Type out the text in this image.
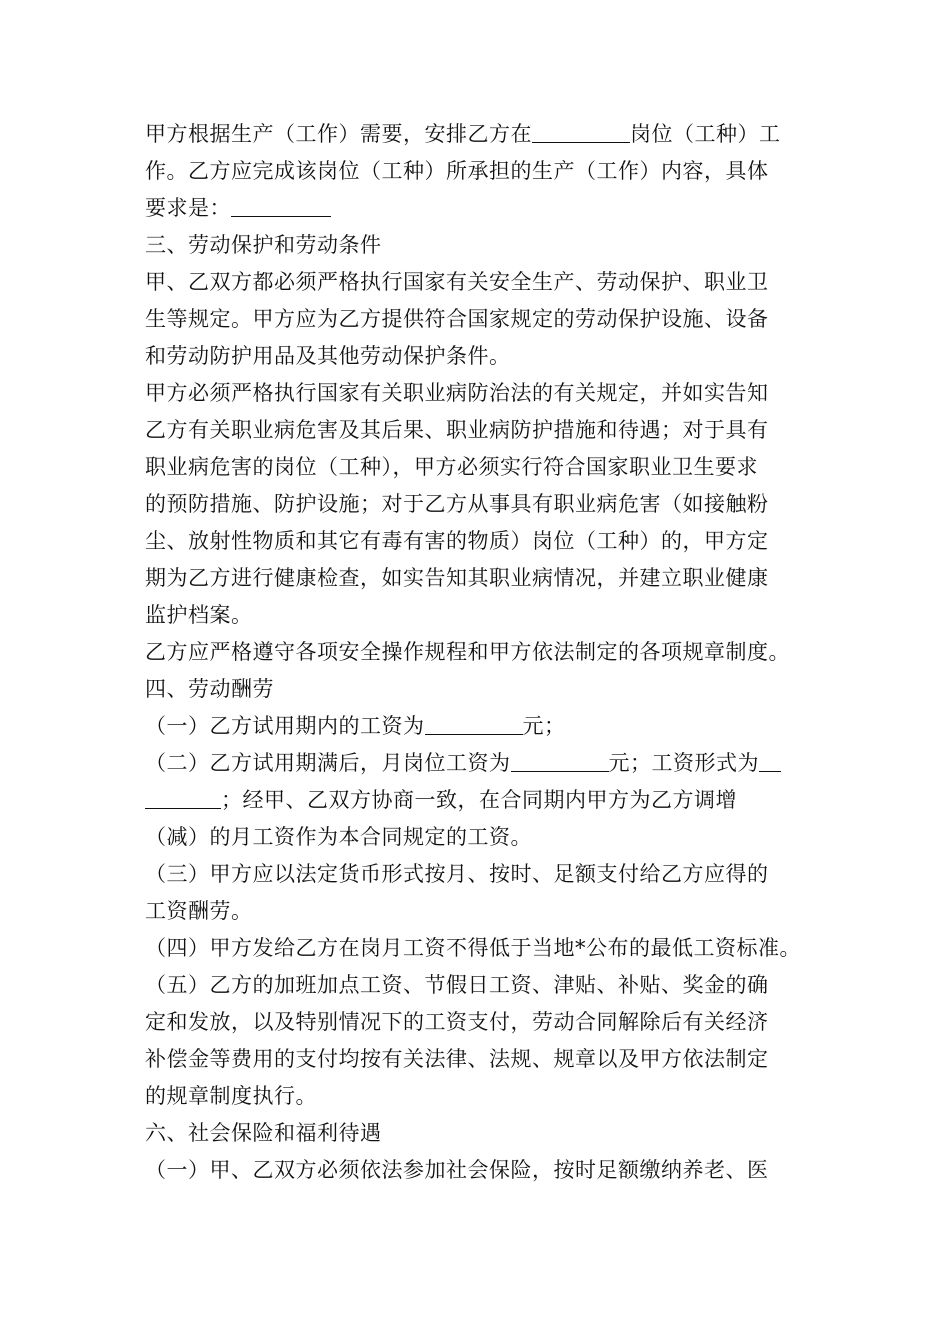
甲方根据生产（工作）需要，安排乙方在	岗位（工种）工
作。乙方应完成该岗位（工种）所承担的生产（工作）内容，具体
要求是：
三、劳动保护和劳动条件
甲、乙双方都必须严格执行国家有关安全生产、劳动保护、职业卫
生等规定。甲方应为乙方提供符合国家规定的劳动保护设施、设备
和劳动防护用品及其他劳动保护条件。
甲方必须严格执行国家有关职业病防治法的有关规定，并如实告知
乙方有关职业病危害及其后果、职业病防护措施和待遇；对于具有
职业病危害的岗位（工种），甲方必须实行符合国家职业卫生要求
的预防措施、防护设施；对于乙方从事具有职业病危害（如接触粉
尘、放射性物质和其它有毒有害的物质）岗位（工种）的，甲方定
期为乙方进行健康检查，如实告知其职业病情况，并建立职业健康
监护档案。
乙方应严格遵守各项安全操作规程和甲方依法制定的各项规章制度。
四、劳动酬劳
（一）乙方试用期内的工资为	元；
（二）乙方试用期满后，月岗位工资为	元；工资形式为
；经甲、乙双方协商一致，在合同期内甲方为乙方调增
（减）的月工资作为本合同规定的工资。
（三）甲方应以法定货币形式按月、按时、足额支付给乙方应得的
工资酬劳。
（四）甲方发给乙方在岗月工资不得低于当地*公布的最低工资标准。
（五）乙方的加班加点工资、节假日工资、津贴、补贴、奖金的确
定和发放，以及特别情况下的工资支付，劳动合同解除后有关经济
补偿金等费用的支付均按有关法律、法规、规章以及甲方依法制定
的规章制度执行。
六、社会保险和福利待遇
（一）甲、乙双方必须依法参加社会保险，按时足额缴纳养老、医
